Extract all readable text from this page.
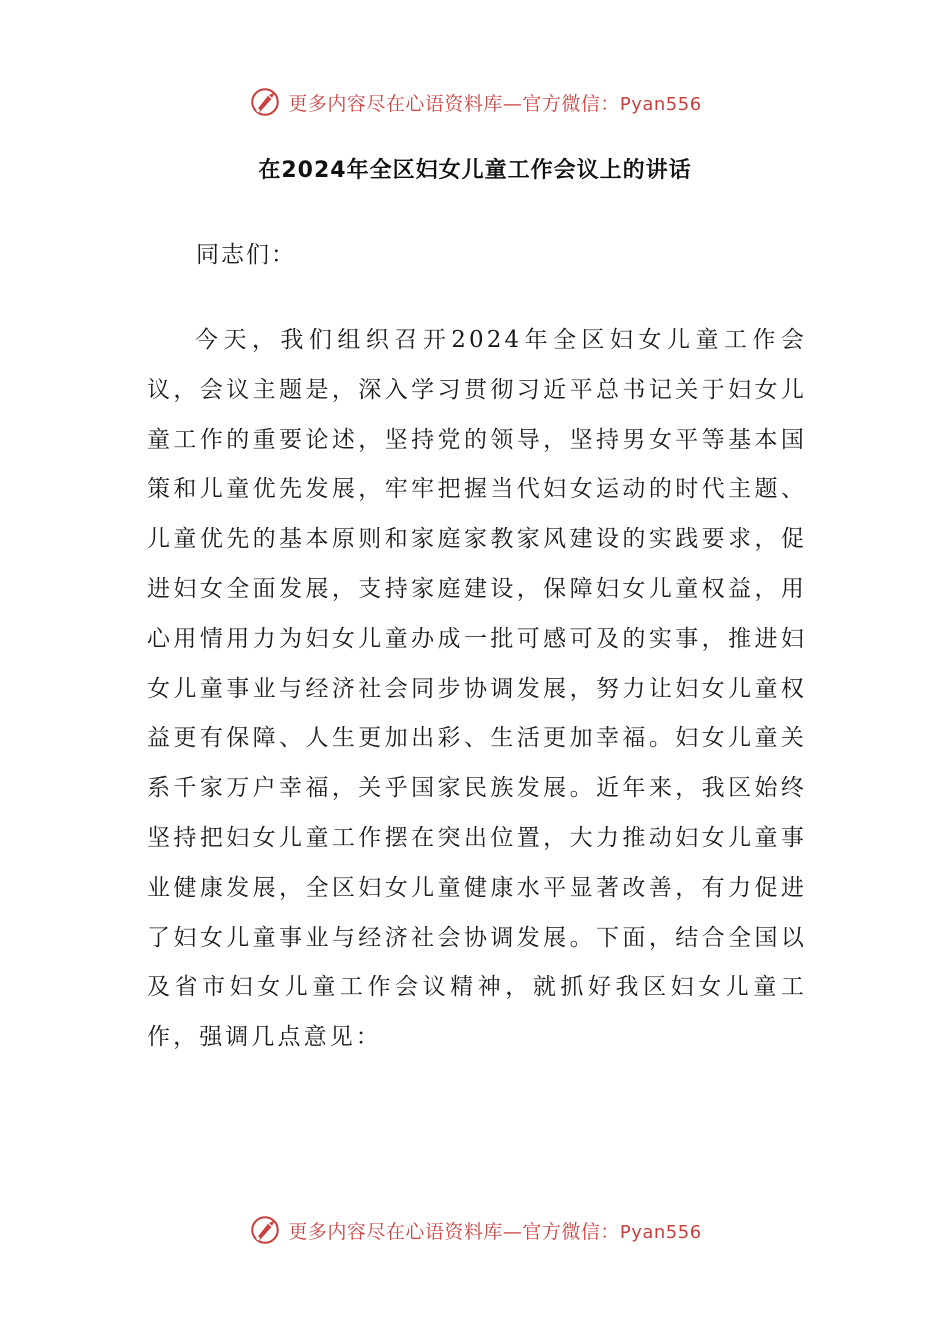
更多内容尽在心语资料库—官方微信：Pyan556
在2024年全区妇女儿童工作会议上的讲话

同志们：

今天，我们组织召开2024年全区妇女儿童工作会议，会议主题是，深入学习贯彻习近平总书记关于妇女儿童工作的重要论述，坚持党的领导，坚持男女平等基本国策和儿童优先发展，牢牢把握当代妇女运动的时代主题、儿童优先的基本原则和家庭家教家风建设的实践要求，促进妇女全面发展，支持家庭建设，保障妇女儿童权益，用心用情用力为妇女儿童办成一批可感可及的实事，推进妇女儿童事业与经济社会同步协调发展，努力让妇女儿童权益更有保障、人生更加出彩、生活更加幸福。妇女儿童关系千家万户幸福，关乎国家民族发展。近年来，我区始终坚持把妇女儿童工作摆在突出位置，大力推动妇女儿童事业健康发展，全区妇女儿童健康水平显著改善，有力促进了妇女儿童事业与经济社会协调发展。下面，结合全国以及省市妇女儿童工作会议精神，就抓好我区妇女儿童工作，强调几点意见：

更多内容尽在心语资料库—官方微信：Pyan556
